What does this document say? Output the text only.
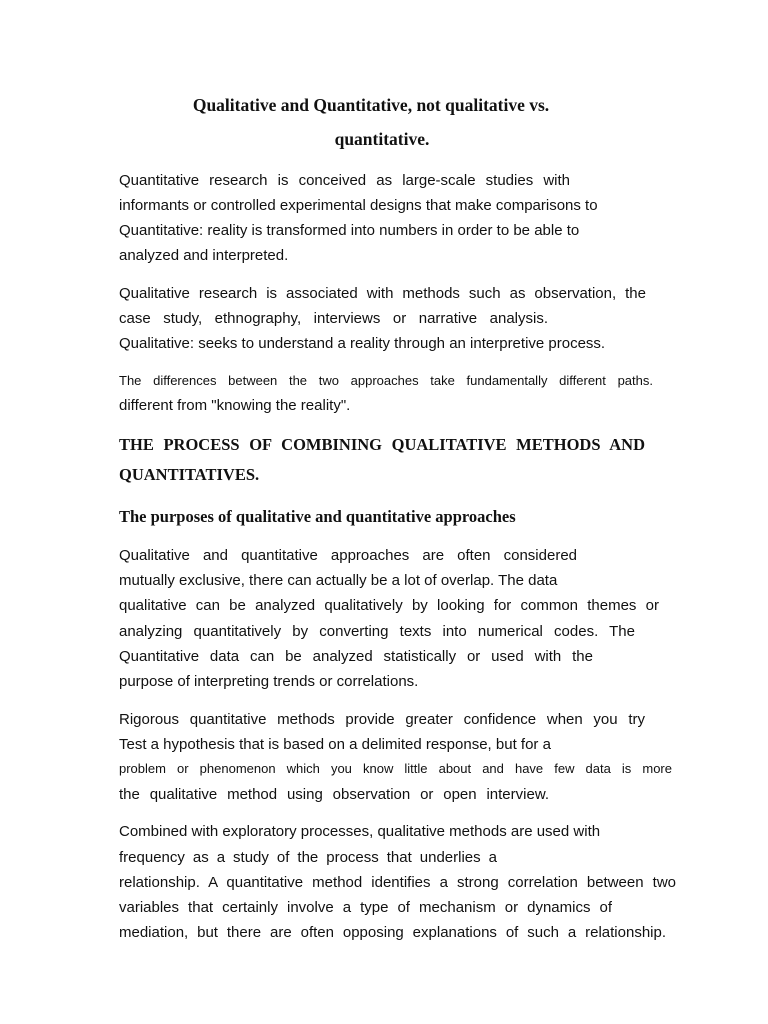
Qualitative and Quantitative, not qualitative vs.
quantitative.
Quantitative research is conceived as large-scale studies with
informants or controlled experimental designs that make comparisons to
Quantitative: reality is transformed into numbers in order to be able to
analyzed and interpreted.
Qualitative research is associated with methods such as observation, the
case study, ethnography, interviews or narrative analysis.
Qualitative: seeks to understand a reality through an interpretive process.
The differences between the two approaches take fundamentally different paths.
different from "knowing the reality".
THE PROCESS OF COMBINING QUALITATIVE METHODS AND
QUANTITATIVES.
The purposes of qualitative and quantitative approaches
Qualitative and quantitative approaches are often considered
mutually exclusive, there can actually be a lot of overlap. The data
qualitative can be analyzed qualitatively by looking for common themes or
analyzing quantitatively by converting texts into numerical codes. The
Quantitative data can be analyzed statistically or used with the
purpose of interpreting trends or correlations.
Rigorous quantitative methods provide greater confidence when you try
Test a hypothesis that is based on a delimited response, but for a
problem or phenomenon which you know little about and have few data is more
the qualitative method using observation or open interview.
Combined with exploratory processes, qualitative methods are used with
frequency as a study of the process that underlies a
relationship. A quantitative method identifies a strong correlation between two
variables that certainly involve a type of mechanism or dynamics of
mediation, but there are often opposing explanations of such a relationship.
